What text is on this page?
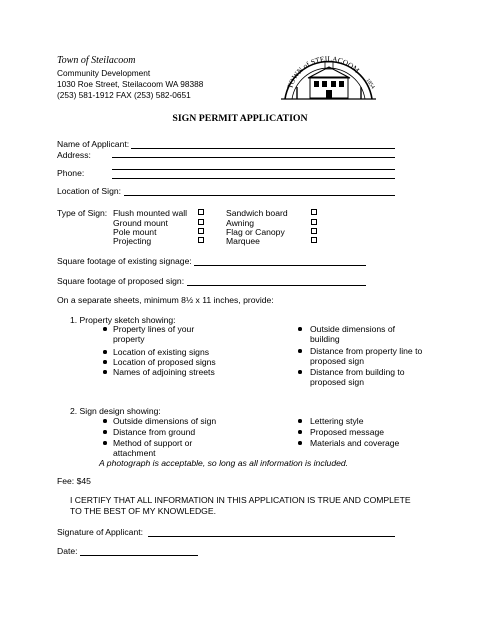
Town of Steilacoom
Community Development
1030 Roe Street, Steilacoom WA 98388
(253) 581-1912 FAX (253) 582-0651
TOWN of STEILACOOM
1854
SIGN PERMIT APPLICATION
Name of Applicant:
Address:
Phone:
Location of Sign:
Type of Sign: Flush mounted wall
Ground mount
Pole mount
Projecting
Sandwich board
Awning
Flag or Canopy
Marquee
Square footage of existing signage:
Square footage of proposed sign:
On a separate sheets, minimum 8½ x 11 inches, provide:
1. Property sketch showing:
Property lines of your
property
Location of existing signs
Location of proposed signs
Names of adjoining streets
Outside dimensions of
building
Distance from property line to
proposed sign
Distance from building to
proposed sign
2. Sign design showing:
Outside dimensions of sign
Distance from ground
Method of support or
attachment
Lettering style
Proposed message
Materials and coverage
A photograph is acceptable, so long as all information is included.
Fee: $45
I CERTIFY THAT ALL INFORMATION IN THIS APPLICATION IS TRUE AND COMPLETE
TO THE BEST OF MY KNOWLEDGE.
Signature of Applicant:
Date:
